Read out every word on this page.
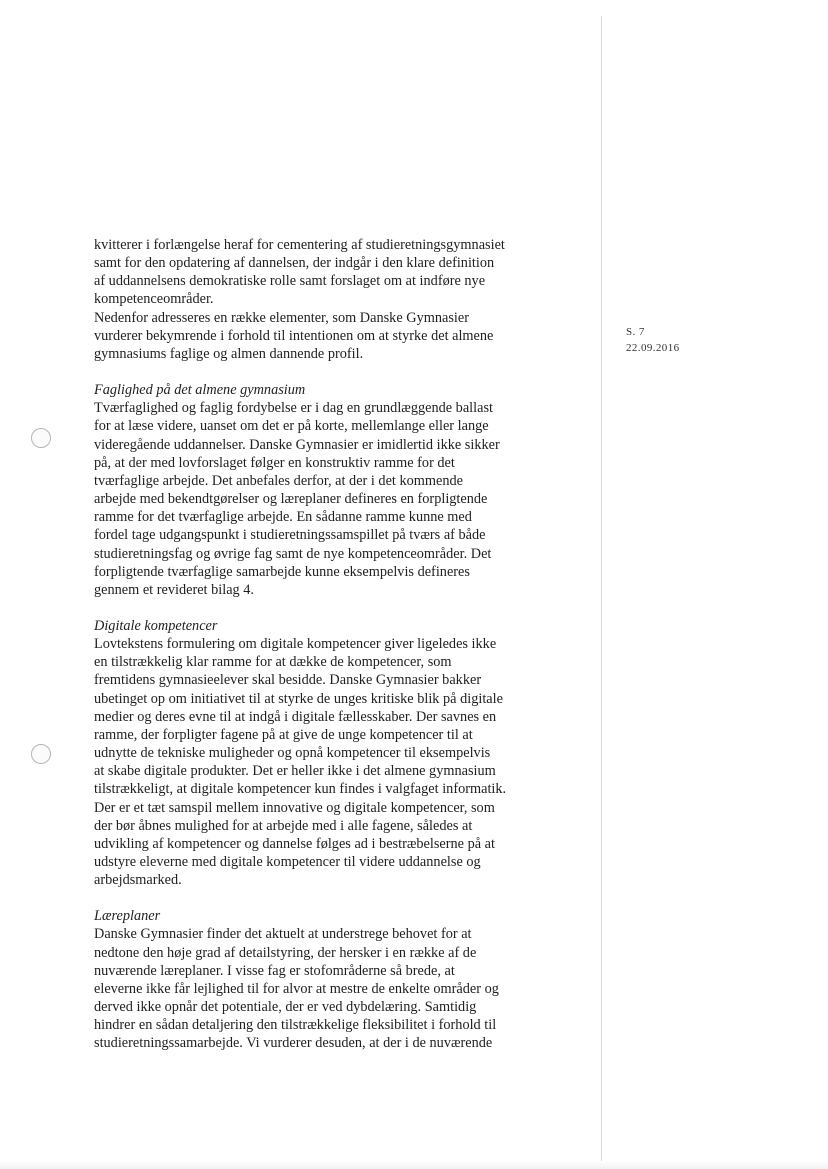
S. 7
22.09.2016

kvitterer i forlængelse heraf for cementering af studieretningsgymnasiet

samt for den opdatering af dannelsen, der indgår i den klare definition

af uddannelsens demokratiske rolle samt forslaget om at indføre nye

kompetenceområder.

Nedenfor adresseres en række elementer, som Danske Gymnasier

vurderer bekymrende i forhold til intentionen om at styrke det almene

gymnasiums faglige og almen dannende profil.

Faglighed på det almene gymnasium

Tværfaglighed og faglig fordybelse er i dag en grundlæggende ballast

for at læse videre, uanset om det er på korte, mellemlange eller lange

videregående uddannelser. Danske Gymnasier er imidlertid ikke sikker

på, at der med lovforslaget følger en konstruktiv ramme for det

tværfaglige arbejde. Det anbefales derfor, at der i det kommende

arbejde med bekendtgørelser og læreplaner defineres en forpligtende

ramme for det tværfaglige arbejde. En sådanne ramme kunne med

fordel tage udgangspunkt i studieretningssamspillet på tværs af både

studieretningsfag og øvrige fag samt de nye kompetenceområder. Det

forpligtende tværfaglige samarbejde kunne eksempelvis defineres

gennem et revideret bilag 4.

Digitale kompetencer

Lovtekstens formulering om digitale kompetencer giver ligeledes ikke

en tilstrækkelig klar ramme for at dække de kompetencer, som

fremtidens gymnasieelever skal besidde. Danske Gymnasier bakker

ubetinget op om initiativet til at styrke de unges kritiske blik på digitale

medier og deres evne til at indgå i digitale fællesskaber. Der savnes en

ramme, der forpligter fagene på at give de unge kompetencer til at

udnytte de tekniske muligheder og opnå kompetencer til eksempelvis

at skabe digitale produkter. Det er heller ikke i det almene gymnasium

tilstrækkeligt, at digitale kompetencer kun findes i valgfaget informatik.

Der er et tæt samspil mellem innovative og digitale kompetencer, som

der bør åbnes mulighed for at arbejde med i alle fagene, således at

udvikling af kompetencer og dannelse følges ad i bestræbelserne på at

udstyre eleverne med digitale kompetencer til videre uddannelse og

arbejdsmarked.

Læreplaner

Danske Gymnasier finder det aktuelt at understrege behovet for at

nedtone den høje grad af detailstyring, der hersker i en række af de

nuværende læreplaner. I visse fag er stofområderne så brede, at

eleverne ikke får lejlighed til for alvor at mestre de enkelte områder og

derved ikke opnår det potentiale, der er ved dybdelæring. Samtidig

hindrer en sådan detaljering den tilstrækkelige fleksibilitet i forhold til

studieretningssamarbejde. Vi vurderer desuden, at der i de nuværende
